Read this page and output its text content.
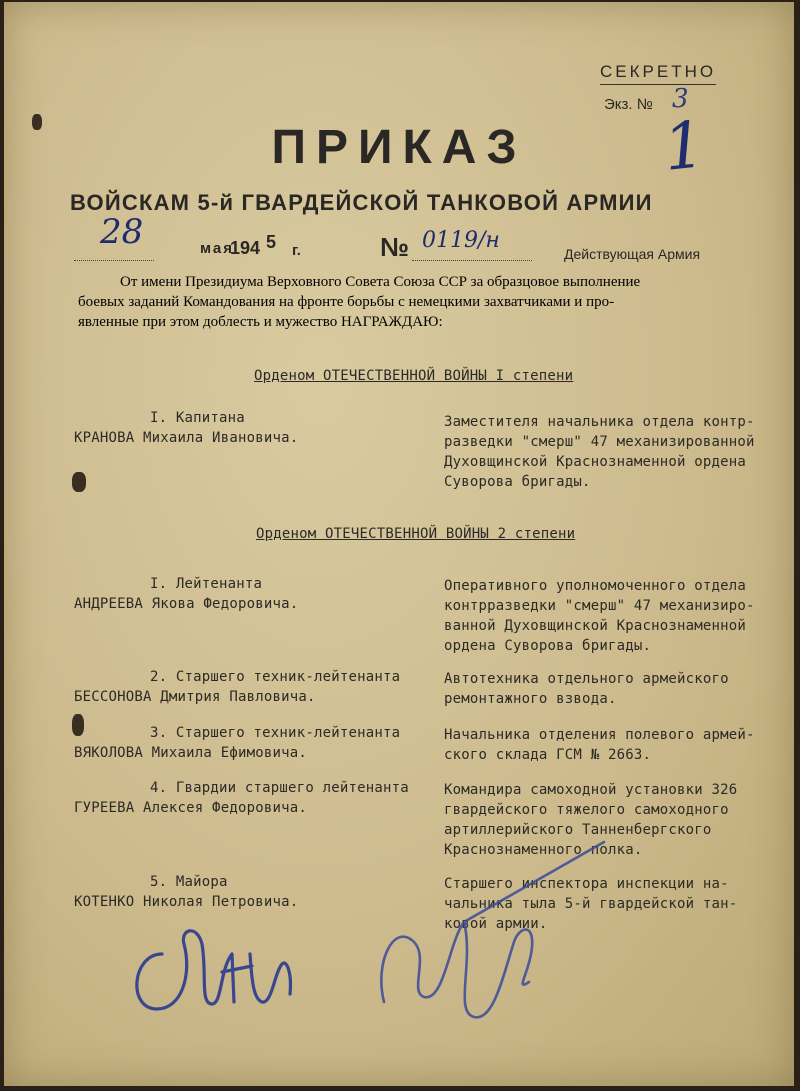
СЕКРЕТНО
Экз. № 3
1
ПРИКАЗ
ВОЙСКАМ 5-й ГВАРДЕЙСКОЙ ТАНКОВОЙ АРМИИ
28	мая
194 5 г.	№ 0119/н
Действующая Армия
От имени Президиума Верховного Совета Союза ССР за образцовое выполнение
боевых заданий Командования на фронте борьбы с немецкими захватчиками и про-
явленные при этом доблесть и мужество НАГРАЖДАЮ:
Орденом ОТЕЧЕСТВЕННОЙ ВОЙНЫ I степени
I. Капитана
КРАНОВА Михаила Ивановича.
Заместителя начальника отдела контр-
разведки "смерш" 47 механизированной
Духовщинской Краснознаменной ордена
Суворова бригады.
Орденом ОТЕЧЕСТВЕННОЙ ВОЙНЫ 2 степени
I. Лейтенанта
АНДРЕЕВА Якова Федоровича.
Оперативного уполномоченного отдела
контрразведки "смерш" 47 механизиро-
ванной Духовщинской Краснознаменной
ордена Суворова бригады.
2. Старшего техник-лейтенанта
БЕССОНОВА Дмитрия Павловича.
Автотехника отдельного армейского
ремонтажного взвода.
3. Старшего техник-лейтенанта
ВЯКОЛОВА Михаила Ефимовича.
Начальника отделения полевого армей-
ского склада ГСМ № 2663.
4. Гвардии старшего лейтенанта
ГУРЕЕВА Алексея Федоровича.
Командира самоходной установки 326
гвардейского тяжелого самоходного
артиллерийского Танненбергского
Краснознаменного полка.
5. Майора
КОТЕНКО Николая Петровича.
Старшего инспектора инспекции на-
чальника тыла 5-й гвардейской тан-
ковой армии.
